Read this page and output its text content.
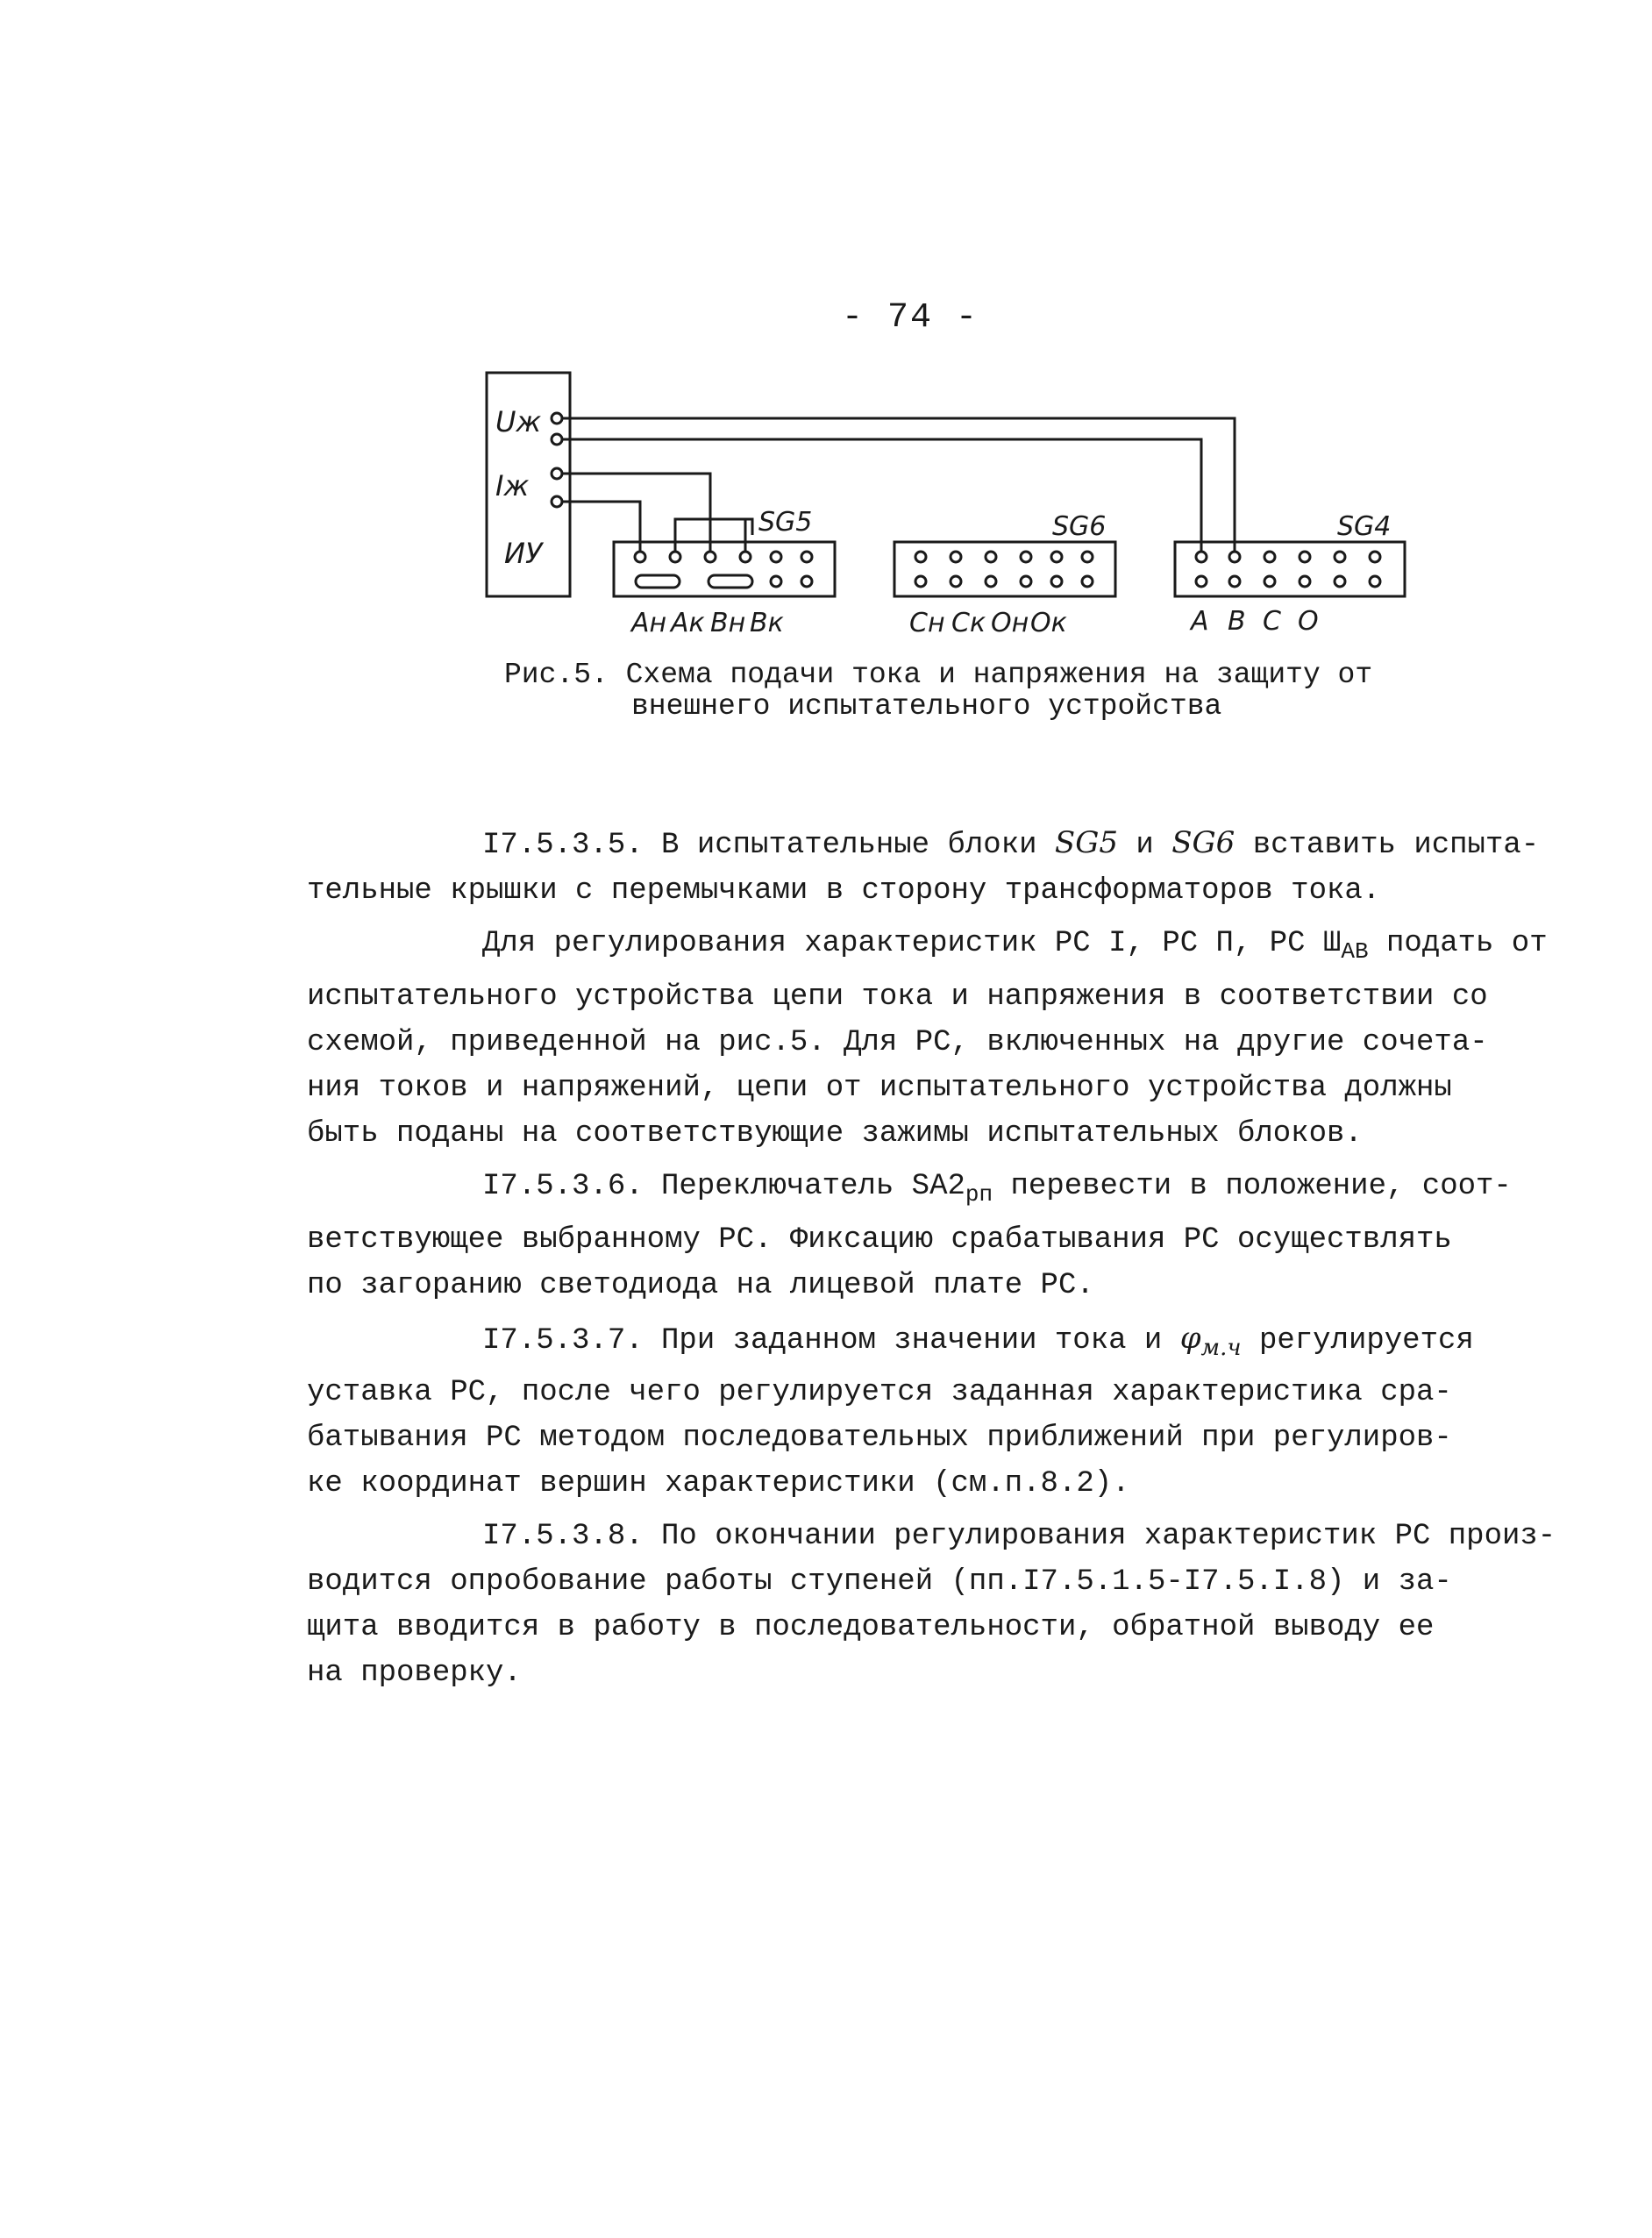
- 74 -
Uж
Iж
ИУ
SG5	SG6	SG4
Aн Aк Bн Bк	Cн Cк Oн Oк	A B C O
Рис.5. Схема подачи тока и напряжения на защиту от
внешнего испытательного устройства

I7.5.3.5. В испытательные блоки SG5 и SG6 вставить испыта-
тельные крышки с перемычками в сторону трансформаторов тока.

Для регулирования характеристик РС I, РС П, РС $Ш_{АВ}$ подать от
испытательного устройства цепи тока и напряжения в соответствии со
схемой, приведенной на рис.5. Для РС, включенных на другие сочета-
ния токов и напряжений, цепи от испытательного устройства должны
быть поданы на соответствующие зажимы испытательных блоков.

I7.5.3.6. Переключатель $SA2_{рп}$ перевести в положение, соот-
ветствующее выбранному РС. Фиксацию срабатывания РС осуществлять
по загоранию светодиода на лицевой плате РС.

I7.5.3.7. При заданном значении тока и $\varphi_{м.ч}$ регулируется
уставка РС, после чего регулируется заданная характеристика сра-
батывания РС методом последовательных приближений при регулиров-
ке координат вершин характеристики (см.п.8.2).

I7.5.3.8. По окончании регулирования характеристик РС произ-
водится опробование работы ступеней (пп.I7.5.1.5-I7.5.I.8) и за-
щита вводится в работу в последовательности, обратной выводу ее
на проверку.
